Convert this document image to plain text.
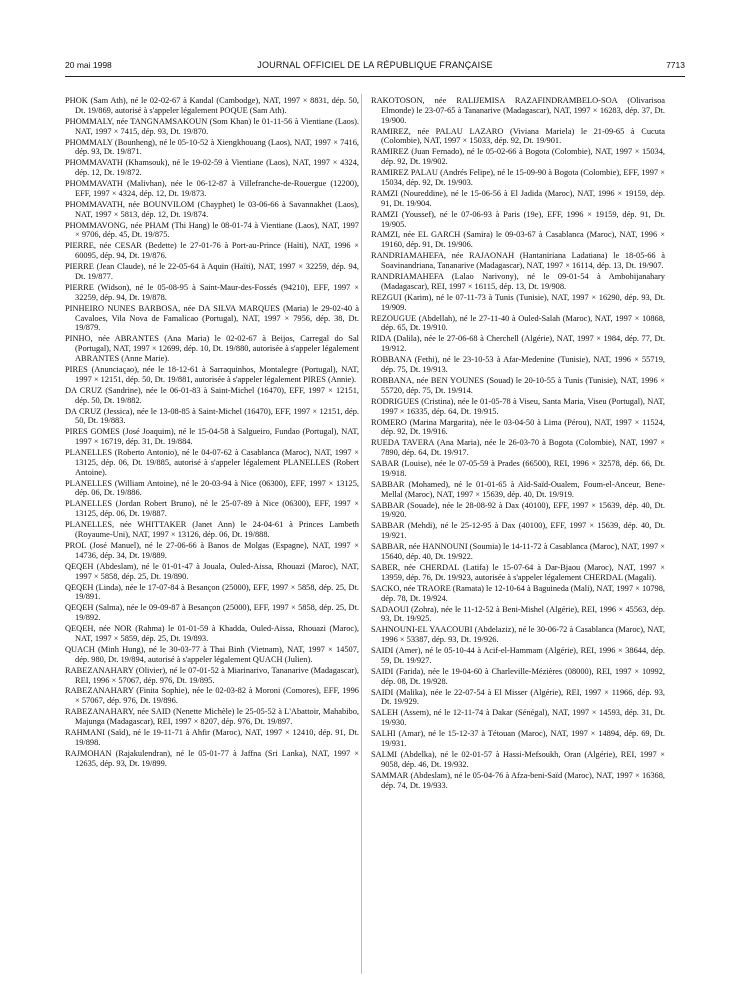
20 mai 1998	JOURNAL OFFICIEL DE LA RÉPUBLIQUE FRANÇAISE	7713

PHOK (Sam Ath), né le 02-02-67 à Kandal (Cambodge), NAT, 1997 × 8831, dép. 50, Dt. 19/869, autorisé à s'appeler légalement POQUE (Sam Ath).

PHOMMALY, née TANGNAMSAKOUN (Som Khan) le 01-11-56 à Vientiane (Laos). NAT, 1997 × 7415, dép. 93, Dt. 19/870.

PHOMMALY (Bounheng), né le 05-10-52 à Xiengkhouang (Laos), NAT, 1997 × 7416, dép. 93, Dt. 19/871.

PHOMMAVATH (Khamsouk), né le 19-02-59 à Vientiane (Laos), NAT, 1997 × 4324, dép. 12, Dt. 19/872.

PHOMMAVATH (Malivhan), née le 06-12-87 à Villefranche-de-Rouergue (12200), EFF, 1997 × 4324, dép. 12, Dt. 19/873.

PHOMMAVATH, née BOUNVILOM (Chayphet) le 03-06-66 à Savannakhet (Laos), NAT, 1997 × 5813, dép. 12, Dt. 19/874.

PHOMMAVONG, née PHAM (Thi Hang) le 08-01-74 à Vientiane (Laos), NAT, 1997 × 9706, dép. 45, Dt. 19/875.

PIERRE, née CESAR (Bedette) le 27-01-76 à Port-au-Prince (Haïti), NAT, 1996 × 60095, dép. 94, Dt. 19/876.

PIERRE (Jean Claude), né le 22-05-64 à Aquin (Haïti), NAT, 1997 × 32259, dép. 94, Dt. 19/877.

PIERRE (Widson), né le 05-08-95 à Saint-Maur-des-Fossés (94210), EFF, 1997 × 32259, dép. 94, Dt. 19/878.

PINHEIRO NUNES BARBOSA, née DA SILVA MARQUES (Maria) le 29-02-40 à Cavaloes, Vila Nova de Famalicao (Portugal), NAT, 1997 × 7956, dép. 38, Dt. 19/879.

PINHO, née ABRANTES (Ana Maria) le 02-02-67 à Beijos, Carregal do Sal (Portugal), NAT, 1997 × 12699, dép. 10, Dt. 19/880, autorisée à s'appeler légalement ABRANTES (Anne Marie).

PIRES (Anunciaçao), née le 18-12-61 à Sarraquinhos, Montalegre (Portugal), NAT, 1997 × 12151, dép. 50, Dt. 19/881, autorisée à s'appeler légalement PIRES (Annie).

DA CRUZ (Sandrine), née le 06-01-83 à Saint-Michel (16470), EFF, 1997 × 12151, dép. 50, Dt. 19/882.

DA CRUZ (Jessica), née le 13-08-85 à Saint-Michel (16470), EFF, 1997 × 12151, dép. 50, Dt. 19/883.

PIRES GOMES (José Joaquim), né le 15-04-58 à Salgueiro, Fundao (Portugal), NAT, 1997 × 16719, dép. 31, Dt. 19/884.

PLANELLES (Roberto Antonio), né le 04-07-62 à Casablanca (Maroc), NAT, 1997 × 13125, dép. 06, Dt. 19/885, autorisé à s'appeler légalement PLANELLES (Robert Antoine).

PLANELLES (William Antoine), né le 20-03-94 à Nice (06300), EFF, 1997 × 13125, dép. 06, Dt. 19/886.

PLANELLES (Jordan Robert Bruno), né le 25-07-89 à Nice (06300), EFF, 1997 × 13125, dép. 06, Dt. 19/887.

PLANELLES, née WHITTAKER (Janet Ann) le 24-04-61 à Princes Lambeth (Royaume-Uni), NAT, 1997 × 13126, dép. 06, Dt. 19/888.

PROL (José Manuel), né le 27-06-66 à Banos de Molgas (Espagne), NAT, 1997 × 14736, dép. 34, Dt. 19/889.

QEQEH (Abdeslam), né le 01-01-47 à Jouala, Ouled-Aissa, Rhouazi (Maroc), NAT, 1997 × 5858, dép. 25, Dt. 19/890.

QEQEH (Linda), née le 17-07-84 à Besançon (25000), EFF, 1997 × 5858, dép. 25, Dt. 19/891.

QEQEH (Salma), née le 09-09-87 à Besançon (25000), EFF, 1997 × 5858, dép. 25, Dt. 19/892.

QEQEH, née NOR (Rahma) le 01-01-59 à Khadda, Ouled-Aissa, Rhouazi (Maroc), NAT, 1997 × 5859, dép. 25, Dt. 19/893.

QUACH (Minh Hung), né le 30-03-77 à Thai Binh (Vietnam), NAT, 1997 × 14507, dép. 980, Dt. 19/894, autorisé à s'appeler légalement QUACH (Julien).

RABEZANAHARY (Olivier), né le 07-01-52 à Miarinarivo, Tananarive (Madagascar), REI, 1996 × 57067, dép. 976, Dt. 19/895.

RABEZANAHARY (Finita Sophie), née le 02-03-82 à Moroni (Comores), EFF, 1996 × 57067, dép. 976, Dt. 19/896.

RABEZANAHARY, née SAID (Nenette Michèle) le 25-05-52 à L'Abattoir, Mahabibo, Majunga (Madagascar), REI, 1997 × 8207, dép. 976, Dt. 19/897.

RAHMANI (Saïd), né le 19-11-71 à Ahfir (Maroc), NAT, 1997 × 12410, dép. 91, Dt. 19/898.

RAJMOHAN (Rajakulendran), né le 05-01-77 à Jaffna (Sri Lanka), NAT, 1997 × 12635, dép. 93, Dt. 19/899.

RAKOTOSON, née RALIJEMISA RAZAFINDRAMBELO-SOA (Olivarisoa Elmonde) le 23-07-65 à Tananarive (Madagascar), NAT, 1997 × 16283, dép. 37, Dt. 19/900.

RAMIREZ, née PALAU LAZARO (Viviana Mariela) le 21-09-65 à Cucuta (Colombie), NAT, 1997 × 15033, dép. 92, Dt. 19/901.

RAMIREZ (Juan Fernado), né le 05-02-66 à Bogota (Colombie), NAT, 1997 × 15034, dép. 92, Dt. 19/902.

RAMIREZ PALAU (Andrés Felipe), né le 15-09-90 à Bogota (Colombie), EFF, 1997 × 15034, dép. 92, Dt. 19/903.

RAMZI (Noureddine), né le 15-06-56 à El Jadida (Maroc), NAT, 1996 × 19159, dép. 91, Dt. 19/904.

RAMZI (Youssef), né le 07-06-93 à Paris (19e), EFF, 1996 × 19159, dép. 91, Dt. 19/905.

RAMZI, née EL GARCH (Samira) le 09-03-67 à Casablanca (Maroc), NAT, 1996 × 19160, dép. 91, Dt. 19/906.

RANDRIAMAHEFA, née RAJAONAH (Hantaniriana Ladatiana) le 18-05-66 à Soavinandriana, Tananarive (Madagascar), NAT, 1997 × 16114, dép. 13, Dt. 19/907.

RANDRIAMAHEFA (Lalao Narivony), né le 09-01-54 à Ambohijanahary (Madagascar), REI, 1997 × 16115, dép. 13, Dt. 19/908.

REZGUI (Karim), né le 07-11-73 à Tunis (Tunisie), NAT, 1997 × 16290, dép. 93, Dt. 19/909.

REZOUGUE (Abdellah), né le 27-11-40 à Ouled-Salah (Maroc), NAT, 1997 × 10868, dép. 65, Dt. 19/910.

RIDA (Dalila), née le 27-06-68 à Cherchell (Algérie), NAT, 1997 × 1984, dép. 77, Dt. 19/912.

ROBBANA (Fethi), né le 23-10-53 à Afar-Medenine (Tunisie), NAT, 1996 × 55719, dép. 75, Dt. 19/913.

ROBBANA, née BEN YOUNES (Souad) le 20-10-55 à Tunis (Tunisie), NAT, 1996 × 55720, dép. 75, Dt. 19/914.

RODRIGUES (Cristina), née le 01-05-78 à Viseu, Santa Maria, Viseu (Portugal), NAT, 1997 × 16335, dép. 64, Dt. 19/915.

ROMERO (Marina Margarita), née le 03-04-50 à Lima (Pérou), NAT, 1997 × 11524, dép. 92, Dt. 19/916.

RUEDA TAVERA (Ana Maria), née le 26-03-70 à Bogota (Colombie), NAT, 1997 × 7890, dép. 64, Dt. 19/917.

SABAR (Louise), née le 07-05-59 à Prades (66500), REI, 1996 × 32578, dép. 66, Dt. 19/918.

SABBAR (Mohamed), né le 01-01-65 à Aïd-Saïd-Oualem, Foum-el-Anceur, Bene-Mellal (Maroc), NAT, 1997 × 15639, dép. 40, Dt. 19/919.

SABBAR (Souade), née le 28-08-92 à Dax (40100), EFF, 1997 × 15639, dép. 40, Dt. 19/920.

SABBAR (Mehdi), né le 25-12-95 à Dax (40100), EFF, 1997 × 15639, dép. 40, Dt. 19/921.

SABBAR, née HANNOUNI (Soumia) le 14-11-72 à Casablanca (Maroc), NAT, 1997 × 15640, dép. 40, Dt. 19/922.

SABER, née CHERDAL (Latifa) le 15-07-64 à Dar-Bjaou (Maroc), NAT, 1997 × 13959, dép. 76, Dt. 19/923, autorisée à s'appeler légalement CHERDAL (Magali).

SACKO, née TRAORE (Ramata) le 12-10-64 à Baguineda (Mali), NAT, 1997 × 10798, dép. 78, Dt. 19/924.

SADAOUI (Zohra), née le 11-12-52 à Beni-Mishel (Algérie), REI, 1996 × 45563, dép. 93, Dt. 19/925.

SAHNOUNI-EL YAACOUBI (Abdelaziz), né le 30-06-72 à Casablanca (Maroc), NAT, 1996 × 53387, dép. 93, Dt. 19/926.

SAIDI (Amer), né le 05-10-44 à Acif-el-Hammam (Algérie), REI, 1996 × 38644, dép. 59, Dt. 19/927.

SAIDI (Farida), née le 19-04-60 à Charleville-Mézières (08000), REI, 1997 × 10992, dép. 08, Dt. 19/928.

SAIDI (Malika), née le 22-07-54 à El Misser (Algérie), REI, 1997 × 11966, dép. 93, Dt. 19/929.

SALEH (Assem), né le 12-11-74 à Dakar (Sénégal), NAT, 1997 × 14593, dép. 31, Dt. 19/930.

SALHI (Amar), né le 15-12-37 à Tétouan (Maroc), NAT, 1997 × 14894, dép. 69, Dt. 19/931.

SALMI (Abdelka), né le 02-01-57 à Hassi-Mefsoukh, Oran (Algérie), REI, 1997 × 9058, dép. 46, Dt. 19/932.

SAMMAR (Abdeslam), né le 05-04-76 à Afza-beni-Saïd (Maroc), NAT, 1997 × 16368, dép. 74, Dt. 19/933.
